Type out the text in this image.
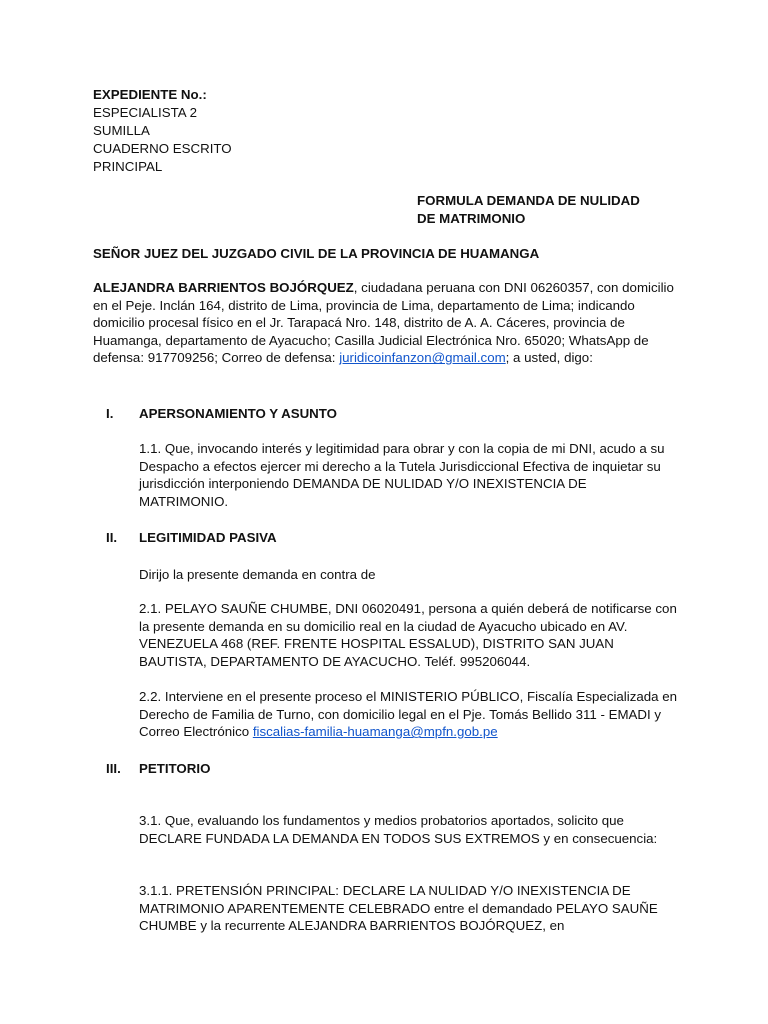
EXPEDIENTE No.:
ESPECIALISTA 2
SUMILLA
CUADERNO ESCRITO
PRINCIPAL
FORMULA DEMANDA DE NULIDAD
DE MATRIMONIO
SEÑOR JUEZ DEL JUZGADO CIVIL DE LA PROVINCIA DE HUAMANGA

ALEJANDRA BARRIENTOS BOJÓRQUEZ, ciudadana peruana con DNI 06260357, con domicilio en el Peje. Inclán 164, distrito de Lima, provincia de Lima, departamento de Lima; indicando domicilio procesal físico en el Jr. Tarapacá Nro. 148, distrito de A. A. Cáceres, provincia de Huamanga, departamento de Ayacucho; Casilla Judicial Electrónica Nro. 65020; WhatsApp de defensa: 917709256; Correo de defensa: juridicoinfanzon@gmail.com; a usted, digo:

I.	APERSONAMIENTO Y ASUNTO

1.1. Que, invocando interés y legitimidad para obrar y con la copia de mi DNI, acudo a su Despacho a efectos ejercer mi derecho a la Tutela Jurisdiccional Efectiva de inquietar su jurisdicción interponiendo DEMANDA DE NULIDAD Y/O INEXISTENCIA DE MATRIMONIO.

II.	LEGITIMIDAD PASIVA

Dirijo la presente demanda en contra de

2.1. PELAYO SAUÑE CHUMBE, DNI 06020491, persona a quién deberá de notificarse con la presente demanda en su domicilio real en la ciudad de Ayacucho ubicado en AV. VENEZUELA 468 (REF. FRENTE HOSPITAL ESSALUD), DISTRITO SAN JUAN BAUTISTA, DEPARTAMENTO DE AYACUCHO. Teléf. 995206044.

2.2. Interviene en el presente proceso el MINISTERIO PÚBLICO, Fiscalía Especializada en Derecho de Familia de Turno, con domicilio legal en el Pje. Tomás Bellido 311 - EMADI y Correo Electrónico fiscalias-familia-huamanga@mpfn.gob.pe

III.	PETITORIO

3.1. Que, evaluando los fundamentos y medios probatorios aportados, solicito que DECLARE FUNDADA LA DEMANDA EN TODOS SUS EXTREMOS y en consecuencia:

3.1.1. PRETENSIÓN PRINCIPAL: DECLARE LA NULIDAD Y/O INEXISTENCIA DE MATRIMONIO APARENTEMENTE CELEBRADO entre el demandado PELAYO SAUÑE CHUMBE y la recurrente ALEJANDRA BARRIENTOS BOJÓRQUEZ, en
